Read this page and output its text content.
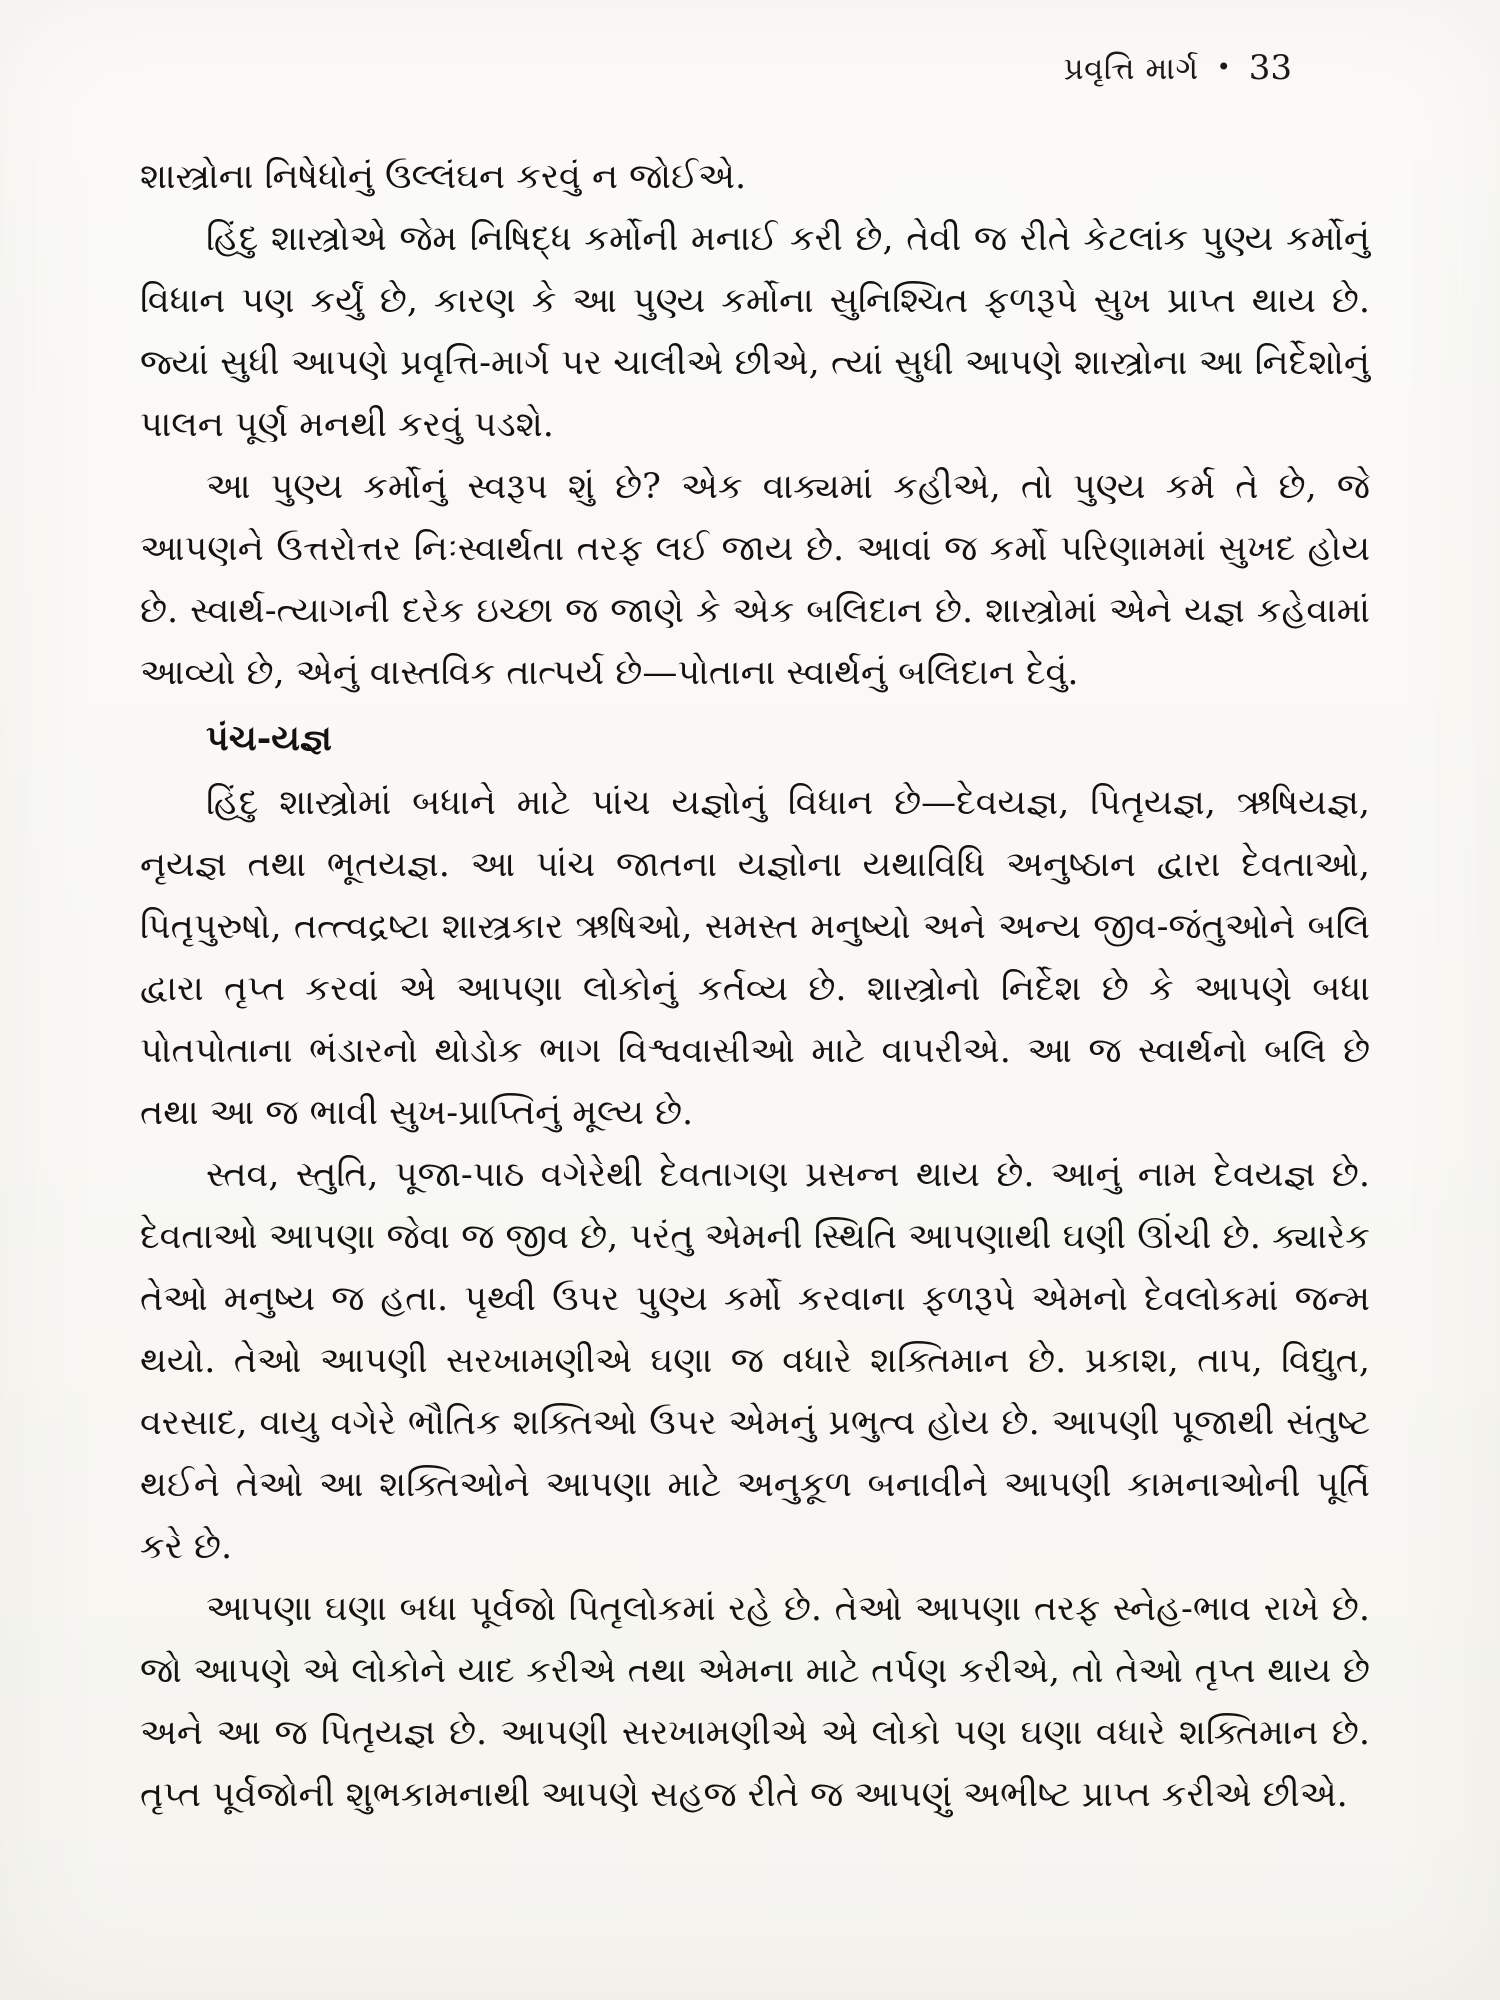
પ્રવૃત્તિ માર્ગ • 33

શાસ્ત્રોના નિષેધોનું ઉલ્લંઘન કરવું ન જોઈએ.

હિંદુ શાસ્ત્રોએ જેમ નિષિદ્ધ કર્મોની મનાઈ કરી છે, તેવી જ રીતે કેટલાંક પુણ્ય કર્મોનું વિધાન પણ કર્યું છે, કારણ કે આ પુણ્ય કર્મોના સુનિશ્ચિત ફળરૂપે સુખ પ્રાપ્ત થાય છે. જ્યાં સુધી આપણે પ્રવૃત્તિ-માર્ગ પર ચાલીએ છીએ, ત્યાં સુધી આપણે શાસ્ત્રોના આ નિર્દેશોનું પાલન પૂર્ણ મનથી કરવું પડશે.

આ પુણ્ય કર્મોનું સ્વરૂપ શું છે? એક વાક્યમાં કહીએ, તો પુણ્ય કર્મ તે છે, જે આપણને ઉત્તરોત્તર નિઃસ્વાર્થતા તરફ લઈ જાય છે. આવાં જ કર્મો પરિણામમાં સુખદ હોય છે. સ્વાર્થ-ત્યાગની દરેક ઇચ્છા જ જાણે કે એક બલિદાન છે. શાસ્ત્રોમાં એને યજ્ઞ કહેવામાં આવ્યો છે, એનું વાસ્તવિક તાત્પર્ય છે—પોતાના સ્વાર્થનું બલિદાન દેવું.

પંચ-યજ્ઞ

હિંદુ શાસ્ત્રોમાં બધાને માટે પાંચ યજ્ઞોનું વિધાન છે—દેવયજ્ઞ, પિતૃયજ્ઞ, ઋષિયજ્ઞ, નૃયજ્ઞ તથા ભૂતયજ્ઞ. આ પાંચ જાતના યજ્ઞોના યથાવિધિ અનુષ્ઠાન દ્વારા દેવતાઓ, પિતૃપુરુષો, તત્ત્વદ્રષ્ટા શાસ્ત્રકાર ઋષિઓ, સમસ્ત મનુષ્યો અને અન્ય જીવ-જંતુઓને બલિ દ્વારા તૃપ્ત કરવાં એ આપણા લોકોનું કર્તવ્ય છે. શાસ્ત્રોનો નિર્દેશ છે કે આપણે બધા પોતપોતાના ભંડારનો થોડોક ભાગ વિશ્વવાસીઓ માટે વાપરીએ. આ જ સ્વાર્થનો બલિ છે તથા આ જ ભાવી સુખ-પ્રાપ્તિનું મૂલ્ય છે.

સ્તવ, સ્તુતિ, પૂજા-પાઠ વગેરેથી દેવતાગણ પ્રસન્ન થાય છે. આનું નામ દેવયજ્ઞ છે. દેવતાઓ આપણા જેવા જ જીવ છે, પરંતુ એમની સ્થિતિ આપણાથી ઘણી ઊંચી છે. ક્યારેક તેઓ મનુષ્ય જ હતા. પૃથ્વી ઉપર પુણ્ય કર્મો કરવાના ફળરૂપે એમનો દેવલોકમાં જન્મ થયો. તેઓ આપણી સરખામણીએ ઘણા જ વધારે શક્તિમાન છે. પ્રકાશ, તાપ, વિદ્યુત, વરસાદ, વાયુ વગેરે ભૌતિક શક્તિઓ ઉપર એમનું પ્રભુત્વ હોય છે. આપણી પૂજાથી સંતુષ્ટ થઈને તેઓ આ શક્તિઓને આપણા માટે અનુકૂળ બનાવીને આપણી કામનાઓની પૂર્તિ કરે છે.

આપણા ઘણા બધા પૂર્વજો પિતૃલોકમાં રહે છે. તેઓ આપણા તરફ સ્નેહ-ભાવ રાખે છે. જો આપણે એ લોકોને યાદ કરીએ તથા એમના માટે તર્પણ કરીએ, તો તેઓ તૃપ્ત થાય છે અને આ જ પિતૃયજ્ઞ છે. આપણી સરખામણીએ એ લોકો પણ ઘણા વધારે શક્તિમાન છે. તૃપ્ત પૂર્વજોની શુભકામનાથી આપણે સહજ રીતે જ આપણું અભીષ્ટ પ્રાપ્ત કરીએ છીએ.
